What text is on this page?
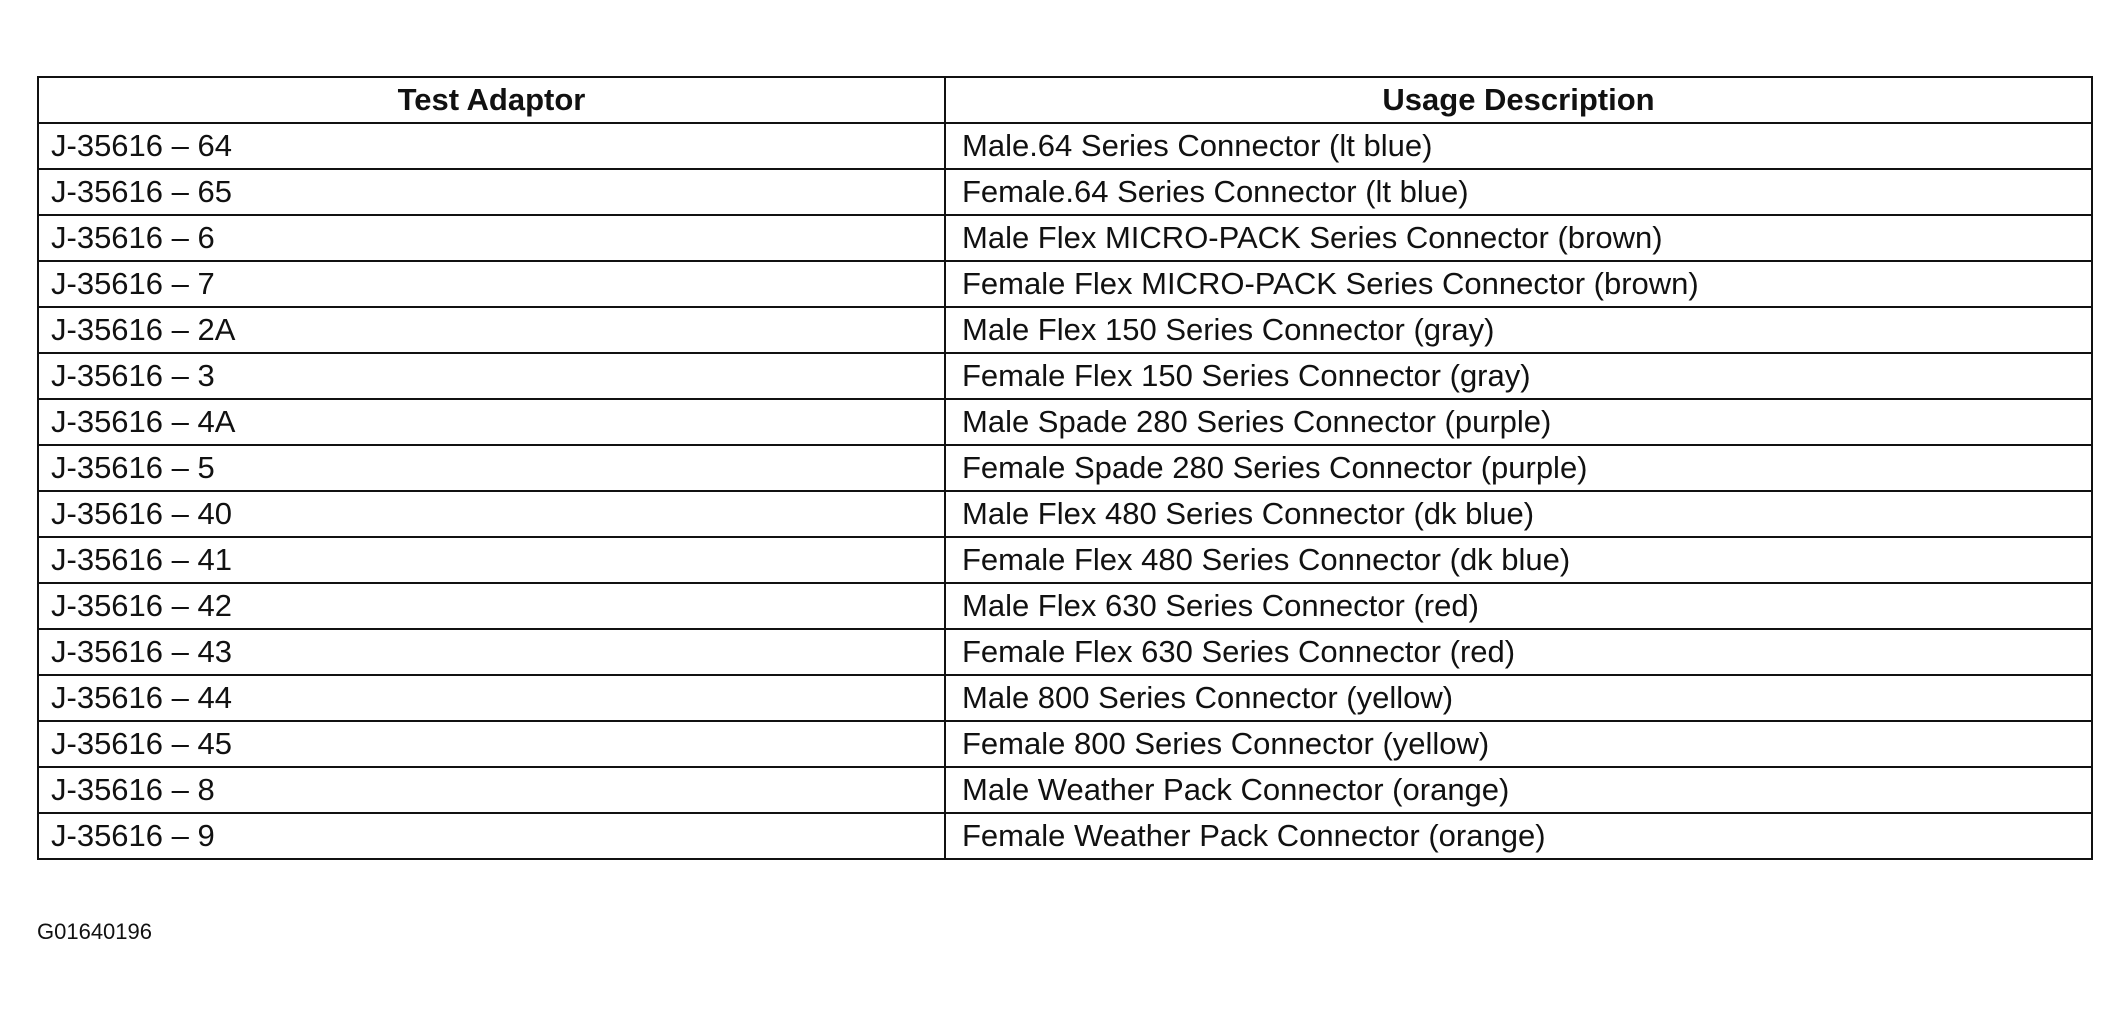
Test Adaptor	Usage Description
J-35616 – 64	Male.64 Series Connector (lt blue)
J-35616 – 65	Female.64 Series Connector (lt blue)
J-35616 – 6	Male Flex MICRO-PACK Series Connector (brown)
J-35616 – 7	Female Flex MICRO-PACK Series Connector (brown)
J-35616 – 2A	Male Flex 150 Series Connector (gray)
J-35616 – 3	Female Flex 150 Series Connector (gray)
J-35616 – 4A	Male Spade 280 Series Connector (purple)
J-35616 – 5	Female Spade 280 Series Connector (purple)
J-35616 – 40	Male Flex 480 Series Connector (dk blue)
J-35616 – 41	Female Flex 480 Series Connector (dk blue)
J-35616 – 42	Male Flex 630 Series Connector (red)
J-35616 – 43	Female Flex 630 Series Connector (red)
J-35616 – 44	Male 800 Series Connector (yellow)
J-35616 – 45	Female 800 Series Connector (yellow)
J-35616 – 8	Male Weather Pack Connector (orange)
J-35616 – 9	Female Weather Pack Connector (orange)
G01640196
